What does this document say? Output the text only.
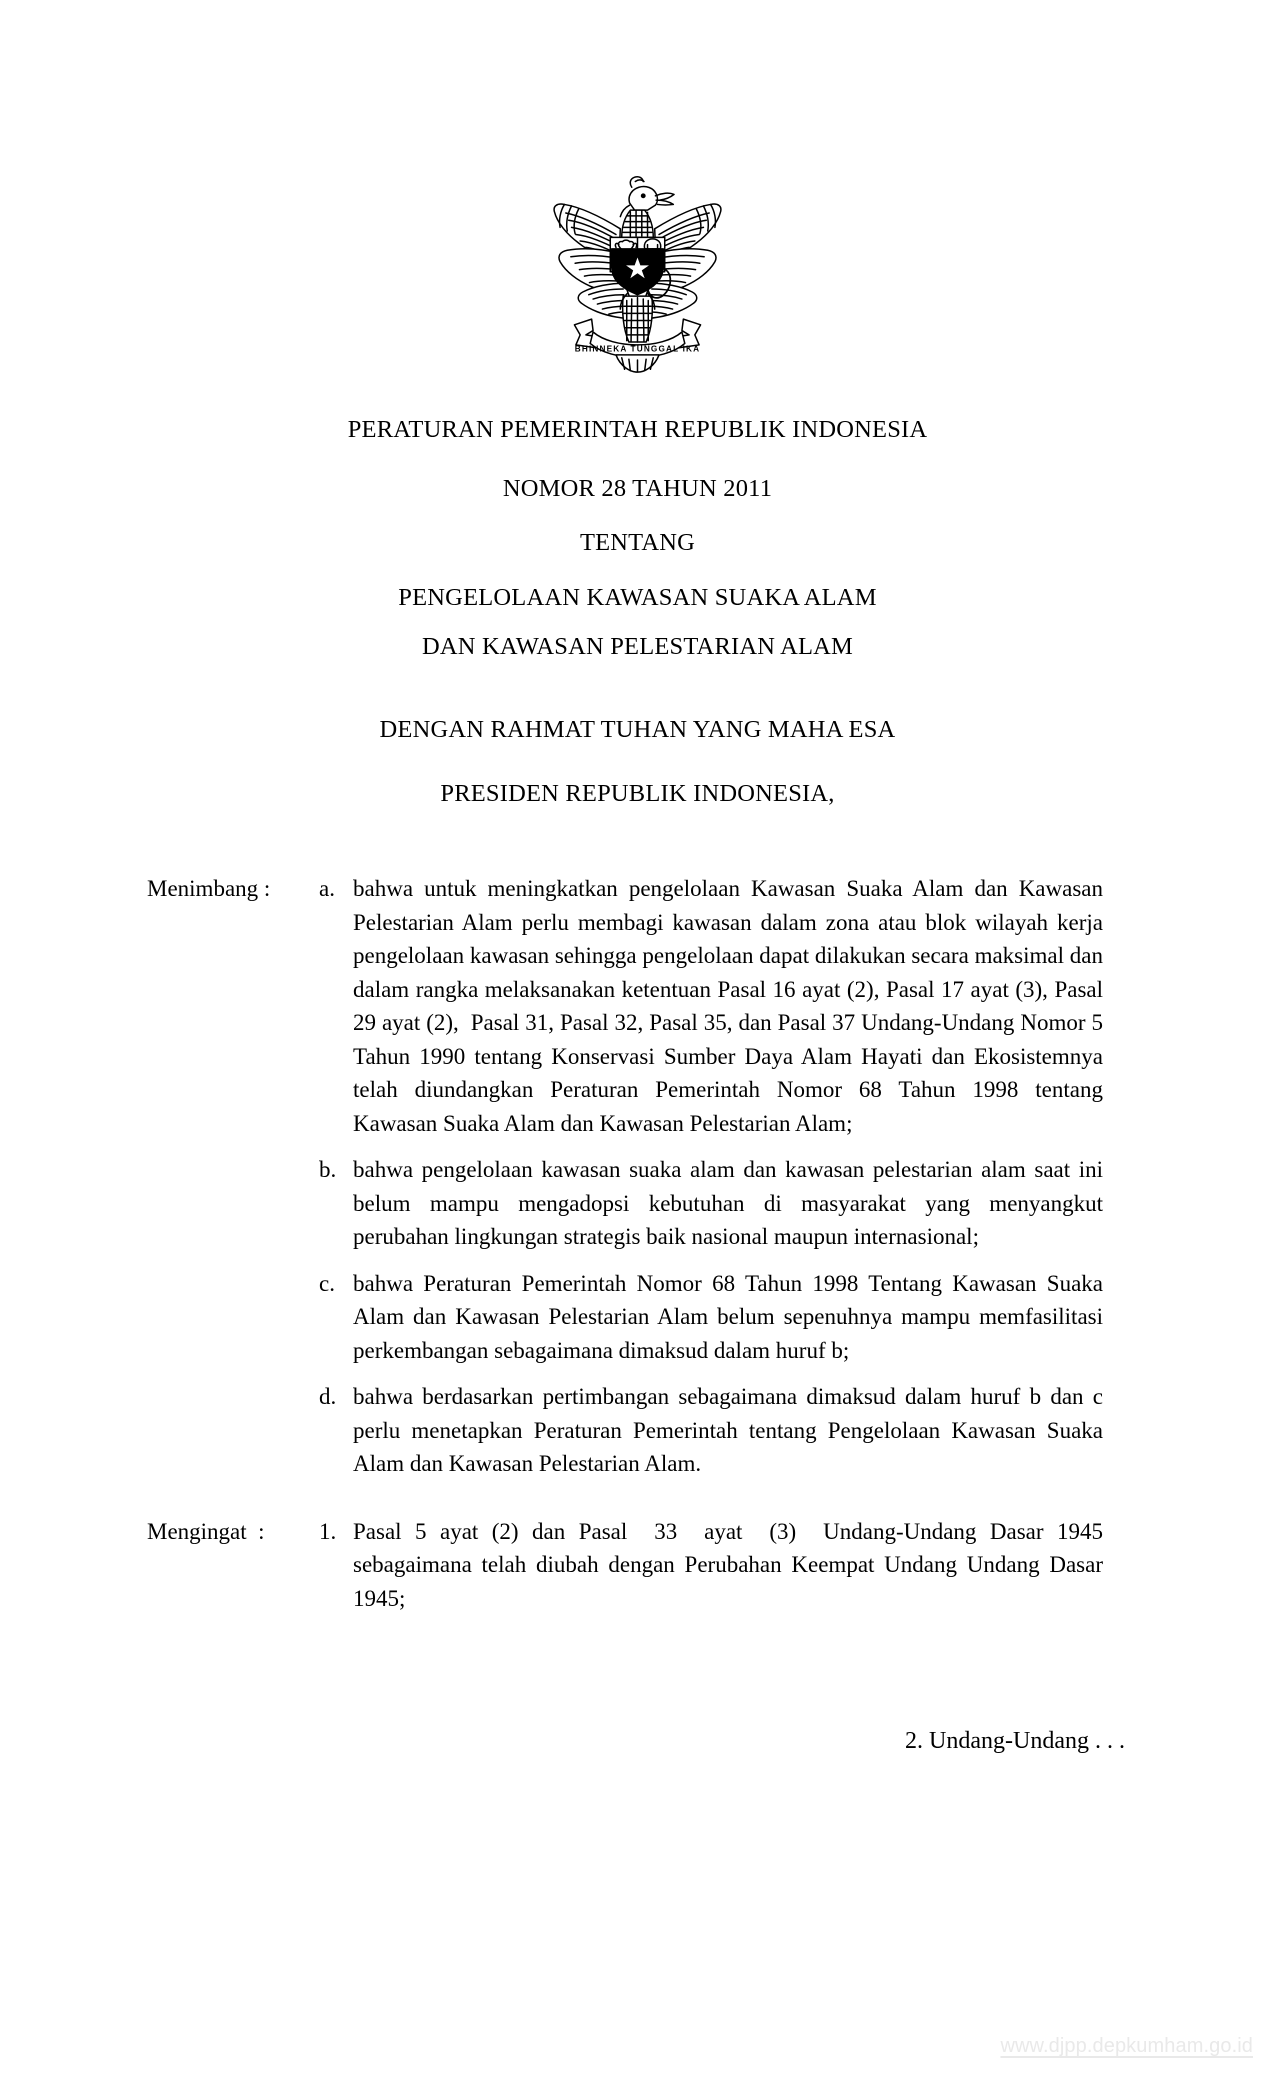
BHINNEKA TUNGGAL IKA
PERATURAN PEMERINTAH REPUBLIK INDONESIA
NOMOR 28 TAHUN 2011
TENTANG
PENGELOLAAN KAWASAN SUAKA ALAM
DAN KAWASAN PELESTARIAN ALAM
DENGAN RAHMAT TUHAN YANG MAHA ESA
PRESIDEN REPUBLIK INDONESIA,
Menimbang :	a. bahwa untuk meningkatkan pengelolaan Kawasan Suaka Alam dan Kawasan Pelestarian Alam perlu membagi kawasan dalam zona atau blok wilayah kerja pengelolaan kawasan sehingga pengelolaan dapat dilakukan secara maksimal dan dalam rangka melaksanakan ketentuan Pasal 16 ayat (2), Pasal 17 ayat (3), Pasal 29 ayat (2),  Pasal 31, Pasal 32, Pasal 35, dan Pasal 37 Undang-Undang Nomor 5 Tahun 1990 tentang Konservasi Sumber Daya Alam Hayati dan Ekosistemnya telah diundangkan Peraturan Pemerintah Nomor 68 Tahun 1998 tentang Kawasan Suaka Alam dan Kawasan Pelestarian Alam;
b. bahwa pengelolaan kawasan suaka alam dan kawasan pelestarian alam saat ini belum mampu mengadopsi kebutuhan di masyarakat yang menyangkut perubahan lingkungan strategis baik nasional maupun internasional;
c. bahwa Peraturan Pemerintah Nomor 68 Tahun 1998 Tentang Kawasan Suaka Alam dan Kawasan Pelestarian Alam belum sepenuhnya mampu memfasilitasi perkembangan sebagaimana dimaksud dalam huruf b;
d. bahwa berdasarkan pertimbangan sebagaimana dimaksud dalam huruf b dan c perlu menetapkan Peraturan Pemerintah tentang Pengelolaan Kawasan Suaka Alam dan Kawasan Pelestarian Alam.
Mengingat  :	1. Pasal 5 ayat (2) dan Pasal  33  ayat  (3)  Undang-Undang Dasar 1945 sebagaimana telah diubah dengan Perubahan Keempat Undang Undang Dasar 1945;
2. Undang-Undang . . .
www.djpp.depkumham.go.id
